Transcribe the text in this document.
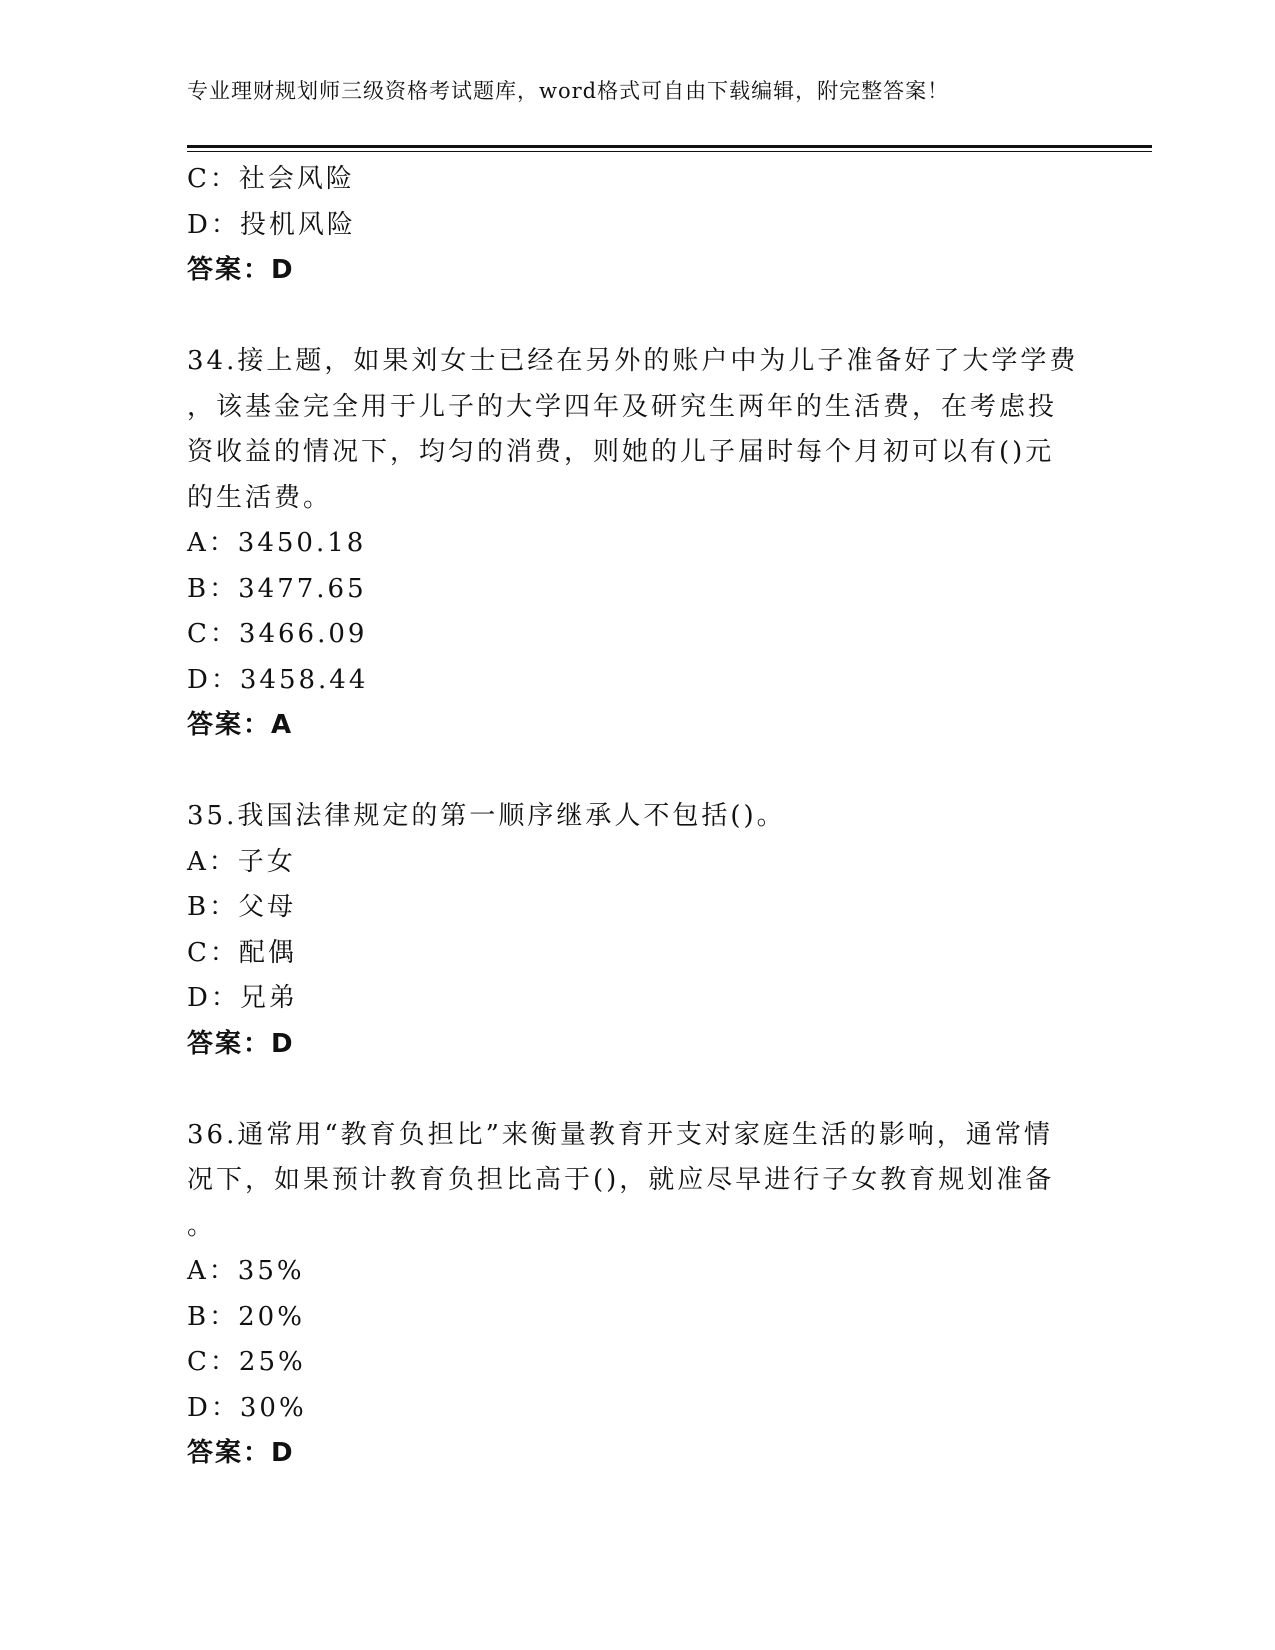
专业理财规划师三级资格考试题库，word格式可自由下载编辑，附完整答案！
C：社会风险
D：投机风险
答案：D
34.接上题，如果刘女士已经在另外的账户中为儿子准备好了大学学费
，该基金完全用于儿子的大学四年及研究生两年的生活费，在考虑投
资收益的情况下，均匀的消费，则她的儿子届时每个月初可以有()元
的生活费。
A：3450.18
B：3477.65
C：3466.09
D：3458.44
答案：A
35.我国法律规定的第一顺序继承人不包括()。
A：子女
B：父母
C：配偶
D：兄弟
答案：D
36.通常用“教育负担比”来衡量教育开支对家庭生活的影响，通常情
况下，如果预计教育负担比高于()，就应尽早进行子女教育规划准备
。
A：35%
B：20%
C：25%
D：30%
答案：D
